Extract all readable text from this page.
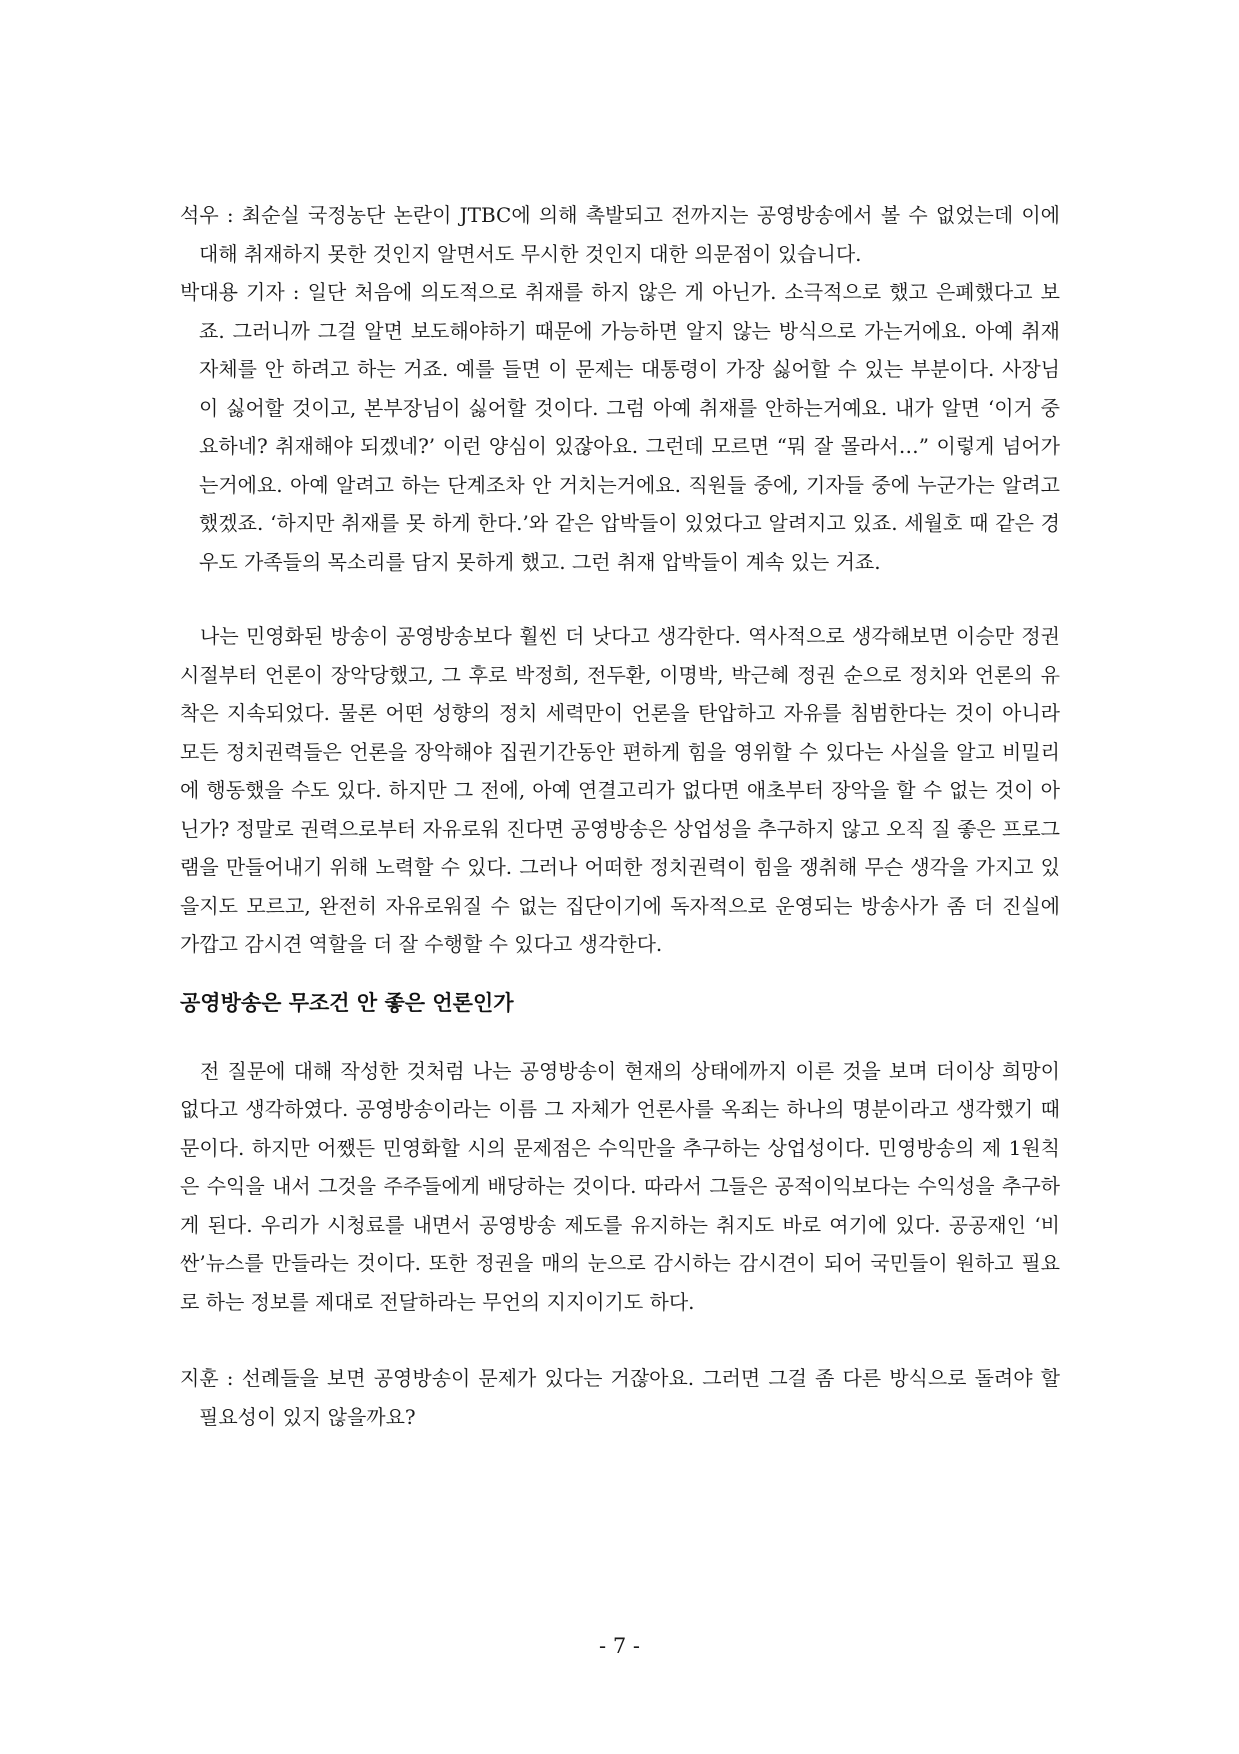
석우 : 최순실 국정농단 논란이 JTBC에 의해 촉발되고 전까지는 공영방송에서 볼 수 없었는데 이에 대해 취재하지 못한 것인지 알면서도 무시한 것인지 대한 의문점이 있습니다.

박대용 기자 : 일단 처음에 의도적으로 취재를 하지 않은 게 아닌가. 소극적으로 했고 은폐했다고 보죠. 그러니까 그걸 알면 보도해야하기 때문에 가능하면 알지 않는 방식으로 가는거에요. 아예 취재 자체를 안 하려고 하는 거죠. 예를 들면 이 문제는 대통령이 가장 싫어할 수 있는 부분이다. 사장님이 싫어할 것이고, 본부장님이 싫어할 것이다. 그럼 아예 취재를 안하는거예요. 내가 알면 ‘이거 중요하네? 취재해야 되겠네?’ 이런 양심이 있잖아요. 그런데 모르면 “뭐 잘 몰라서…” 이렇게 넘어가는거에요. 아예 알려고 하는 단계조차 안 거치는거에요. 직원들 중에, 기자들 중에 누군가는 알려고 했겠죠. ‘하지만 취재를 못 하게 한다.’와 같은 압박들이 있었다고 알려지고 있죠. 세월호 때 같은 경우도 가족들의 목소리를 담지 못하게 했고. 그런 취재 압박들이 계속 있는 거죠.

나는 민영화된 방송이 공영방송보다 훨씬 더 낫다고 생각한다. 역사적으로 생각해보면 이승만 정권 시절부터 언론이 장악당했고, 그 후로 박정희, 전두환, 이명박, 박근혜 정권 순으로 정치와 언론의 유착은 지속되었다. 물론 어떤 성향의 정치 세력만이 언론을 탄압하고 자유를 침범한다는 것이 아니라 모든 정치권력들은 언론을 장악해야 집권기간동안 편하게 힘을 영위할 수 있다는 사실을 알고 비밀리에 행동했을 수도 있다. 하지만 그 전에, 아예 연결고리가 없다면 애초부터 장악을 할 수 없는 것이 아닌가? 정말로 권력으로부터 자유로워 진다면 공영방송은 상업성을 추구하지 않고 오직 질 좋은 프로그램을 만들어내기 위해 노력할 수 있다. 그러나 어떠한 정치권력이 힘을 쟁취해 무슨 생각을 가지고 있을지도 모르고, 완전히 자유로워질 수 없는 집단이기에 독자적으로 운영되는 방송사가 좀 더 진실에 가깝고 감시견 역할을 더 잘 수행할 수 있다고 생각한다.

공영방송은 무조건 안 좋은 언론인가

전 질문에 대해 작성한 것처럼 나는 공영방송이 현재의 상태에까지 이른 것을 보며 더이상 희망이 없다고 생각하였다. 공영방송이라는 이름 그 자체가 언론사를 옥죄는 하나의 명분이라고 생각했기 때문이다. 하지만 어쨌든 민영화할 시의 문제점은 수익만을 추구하는 상업성이다. 민영방송의 제 1원칙은 수익을 내서 그것을 주주들에게 배당하는 것이다. 따라서 그들은 공적이익보다는 수익성을 추구하게 된다. 우리가 시청료를 내면서 공영방송 제도를 유지하는 취지도 바로 여기에 있다. 공공재인 ‘비싼’뉴스를 만들라는 것이다. 또한 정권을 매의 눈으로 감시하는 감시견이 되어 국민들이 원하고 필요로 하는 정보를 제대로 전달하라는 무언의 지지이기도 하다.

지훈 : 선례들을 보면 공영방송이 문제가 있다는 거잖아요. 그러면 그걸 좀 다른 방식으로 돌려야 할 필요성이 있지 않을까요?

- 7 -
